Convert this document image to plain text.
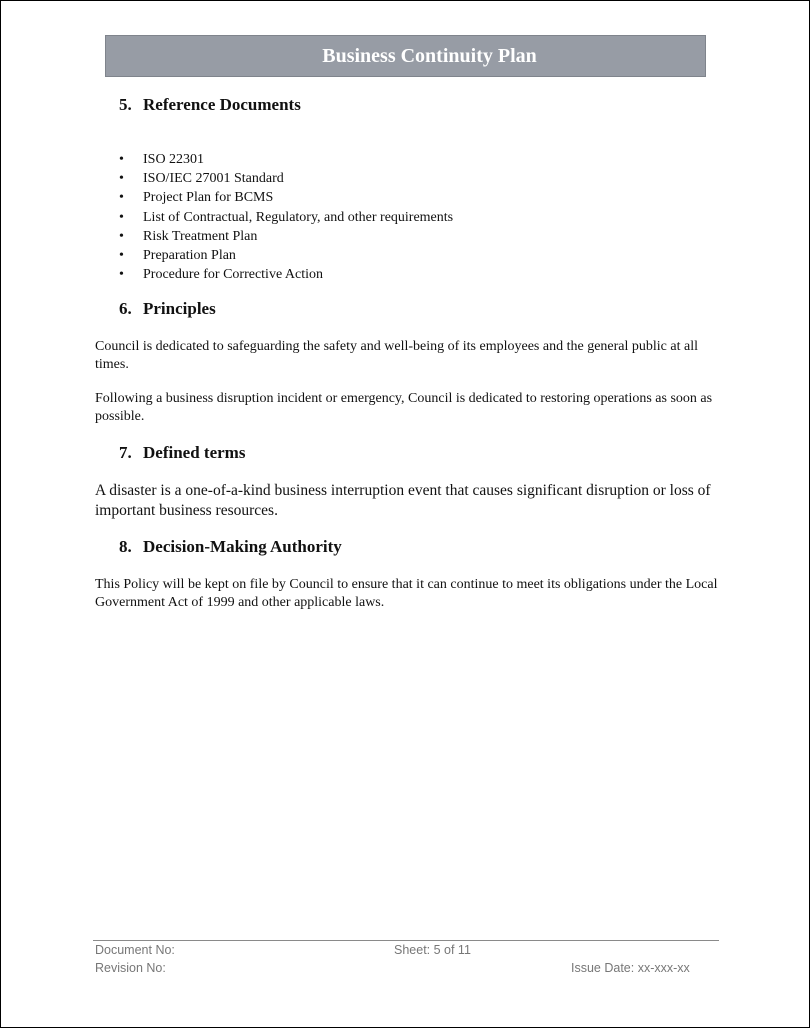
Business Continuity Plan
5. Reference Documents
• ISO 22301
• ISO/IEC 27001 Standard
• Project Plan for BCMS
• List of Contractual, Regulatory, and other requirements
• Risk Treatment Plan
• Preparation Plan
• Procedure for Corrective Action
6. Principles
Council is dedicated to safeguarding the safety and well-being of its employees and the general public at all times.
Following a business disruption incident or emergency, Council is dedicated to restoring operations as soon as possible.
7. Defined terms
A disaster is a one-of-a-kind business interruption event that causes significant disruption or loss of important business resources.
8. Decision-Making Authority
This Policy will be kept on file by Council to ensure that it can continue to meet its obligations under the Local Government Act of 1999 and other applicable laws.
Document No:
Revision No:
Sheet: 5 of 11
Issue Date: xx-xxx-xx
